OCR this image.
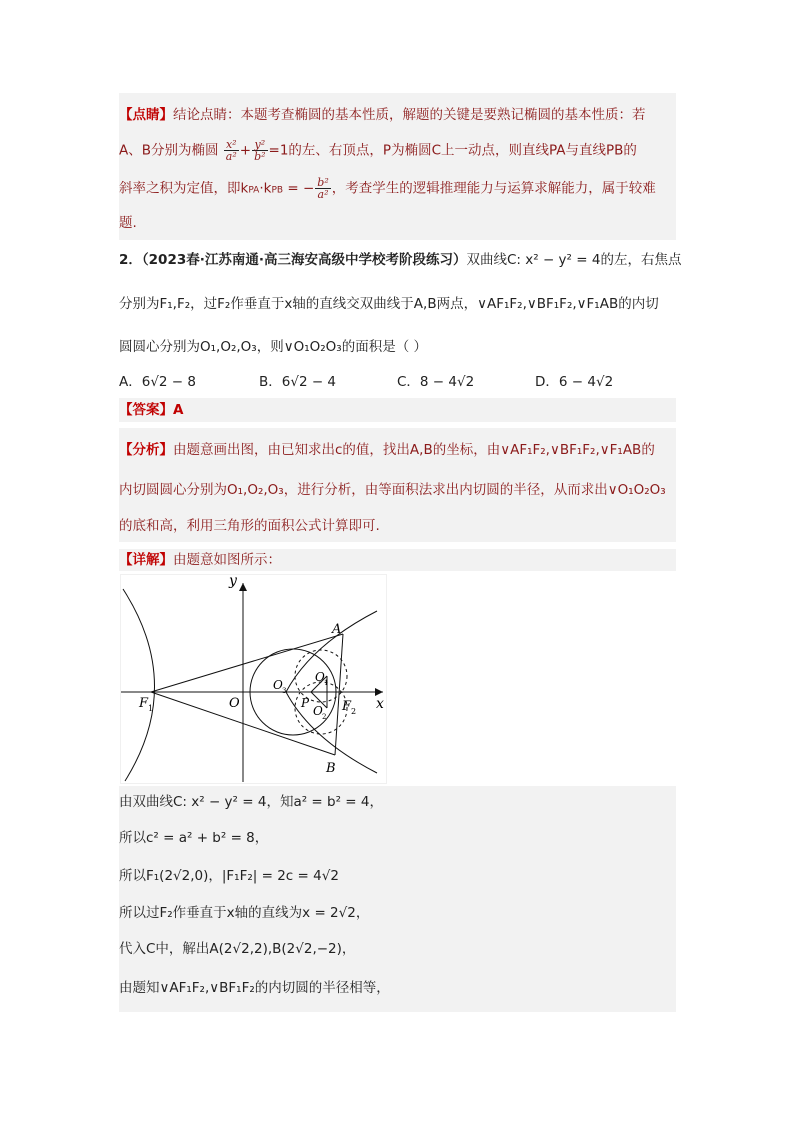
【点睛】结论点睛：本题考查椭圆的基本性质，解题的关键是要熟记椭圆的基本性质：若
A、B分别为椭圆 $\frac{\text{x²}}{\text{a²}} + \frac{\text{y²}}{\text{b²}} =1$的左、右顶点，P为椭圆C上一动点，则直线PA与直线PB的
斜率之积为定值，即kPA·kPB = − $\frac{\text{b²}}{\text{a²}}$ ，考查学生的逻辑推理能力与运算求解能力，属于较难
题.
2．（2023春·江苏南通·高三海安高级中学校考阶段练习）双曲线C: x² − y² = 4的左，右焦点
分别为F₁,F₂，过F₂作垂直于x轴的直线交双曲线于A,B两点，∨AF₁F₂,∨BF₁F₂,∨F₁AB的内切
圆圆心分别为O₁,O₂,O₃，则∨O₁O₂O₃的面积是（ ）
A．6√2 − 8	B．6√2 − 4	C．8 − 4√2	D．6 − 4√2
【答案】A
【分析】由题意画出图，由已知求出c的值，找出A,B的坐标，由∨AF₁F₂,∨BF₁F₂,∨F₁AB的
内切圆圆心分别为O₁,O₂,O₃，进行分析，由等面积法求出内切圆的半径，从而求出∨O₁O₂O₃
的底和高，利用三角形的面积公式计算即可.
【详解】由题意如图所示：
y
x
O
F 1	F 2
A
B
O 1
O 2
O 3
P
由双曲线C: x² − y² = 4，知a² = b² = 4，
所以c² = a² + b² = 8，
所以F₁(2√2,0)，|F₁F₂| = 2c = 4√2
所以过F₂作垂直于x轴的直线为x = 2√2，
代入C中，解出A(2√2,2),B(2√2,−2)，
由题知∨AF₁F₂,∨BF₁F₂的内切圆的半径相等，
